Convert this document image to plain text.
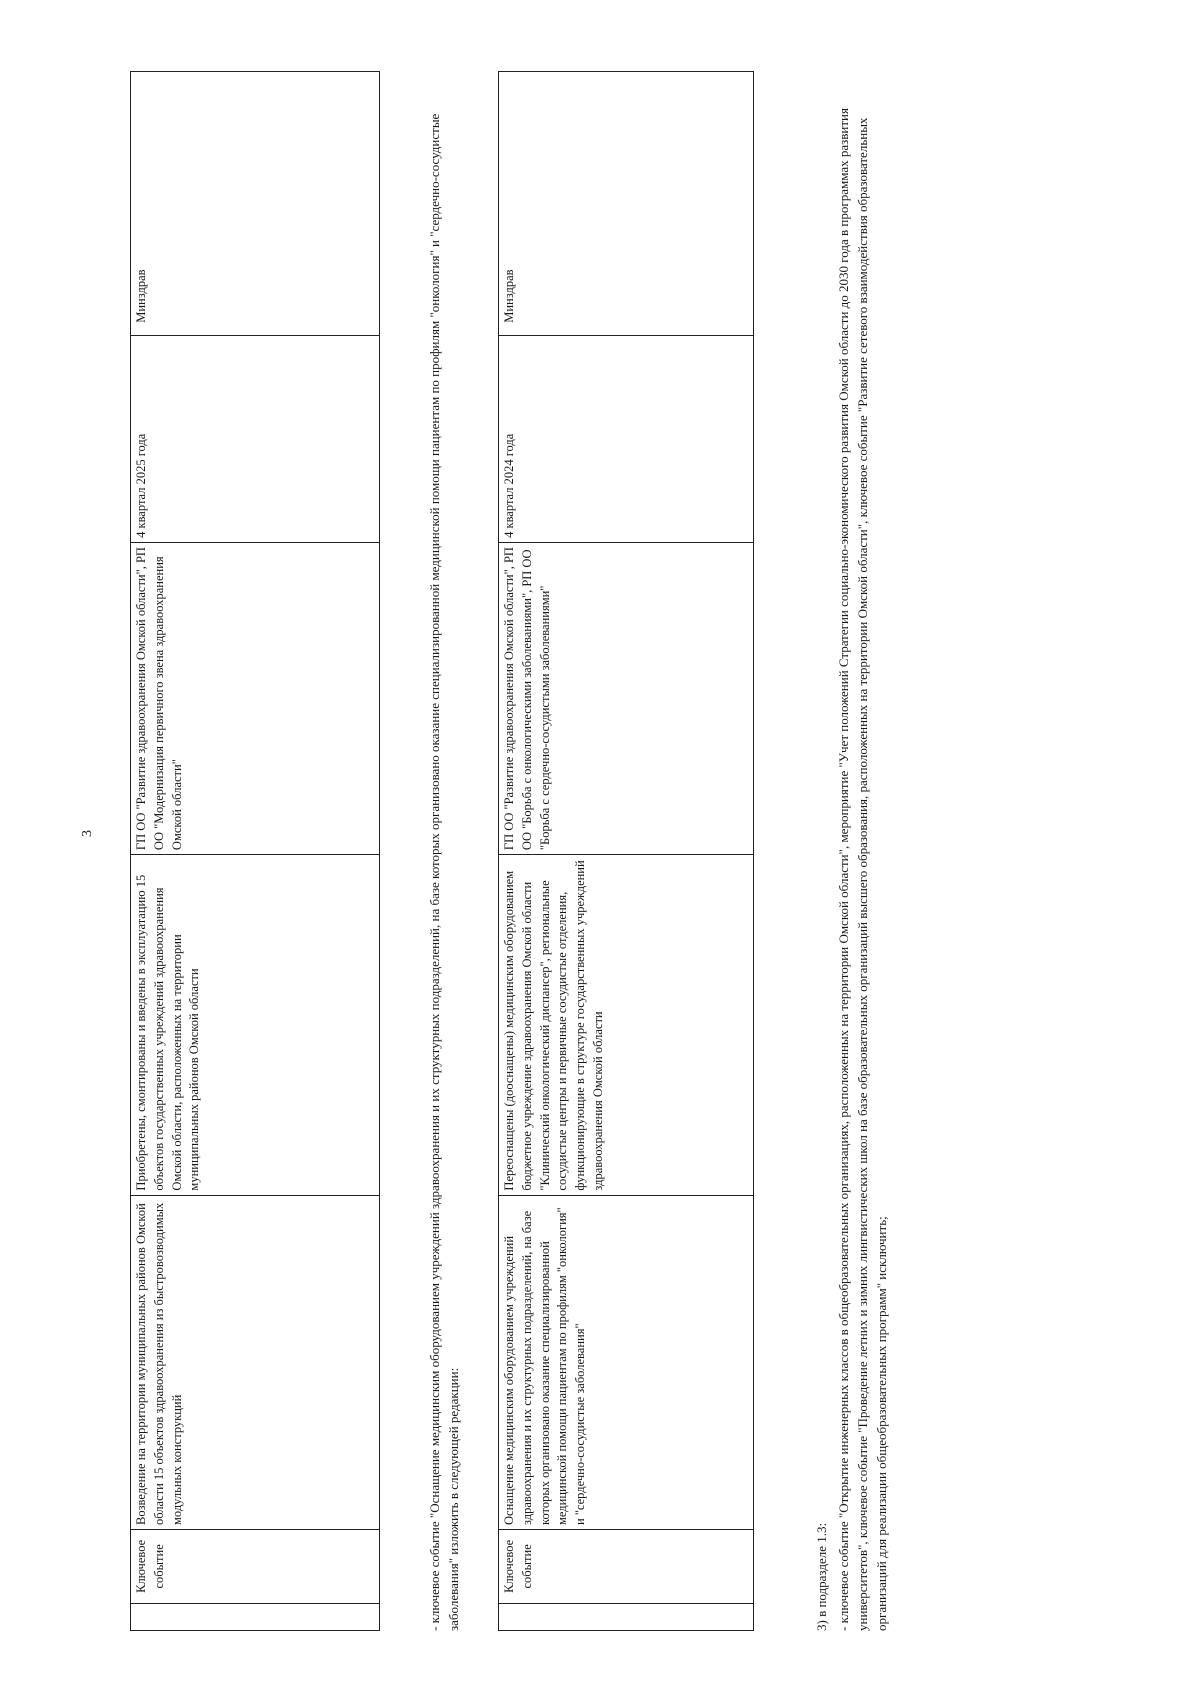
3
	Ключевое событие	Возведение на территории муниципальных районов Омской области 15 объектов здравоохранения из быстровозводимых модульных конструкций	Приобретены, смонтированы и введены в эксплуатацию 15 объектов государственных учреждений здравоохранения Омской области, расположенных на территории муниципальных районов Омской области	ГП ОО "Развитие здравоохранения Омской области", РП ОО "Модернизация первичного звена здравоохранения Омской области"	4 квартал 2025 года	Минздрав	- ключевое событие "Оснащение медицинским оборудованием учреждений здравоохранения и их структурных подразделений, на базе которых организовано оказание специализированной медицинской помощи пациентам по профилям "онкология" и "сердечно-сосудистые заболевания" изложить в следующей редакции:

		Ключевое событие	Оснащение медицинским оборудованием учреждений здравоохранения и их структурных подразделений, на базе которых организовано оказание специализированной медицинской помощи пациентам по профилям "онкология" и "сердечно-сосудистые заболевания"	Переоснащены (дооснащены) медицинским оборудованием бюджетное учреждение здравоохранения Омской области "Клинический онкологический диспансер", региональные сосудистые центры и первичные сосудистые отделения, функционирующие в структуре государственных учреждений здравоохранения Омской области	ГП ОО "Развитие здравоохранения Омской области", РП ОО "Борьба с онкологическими заболеваниями", РП ОО "Борьба с сердечно-сосудистыми заболеваниями"	4 квартал 2024 года	Минздрав

3) в подразделе 1.3: - ключевое событие "Открытие инженерных классов в общеобразовательных организациях, расположенных на территории Омской области", мероприятие "Учет положений Стратегии социально-экономического развития Омской области до 2030 года в программах развития университетов", ключевое событие "Проведение летних и зимних лингвистических школ на базе образовательных организаций высшего образования, расположенных на территории Омской области", ключевое событие "Развитие сетевого взаимодействия образовательных организаций для реализации общеобразовательных программ" исключить;
